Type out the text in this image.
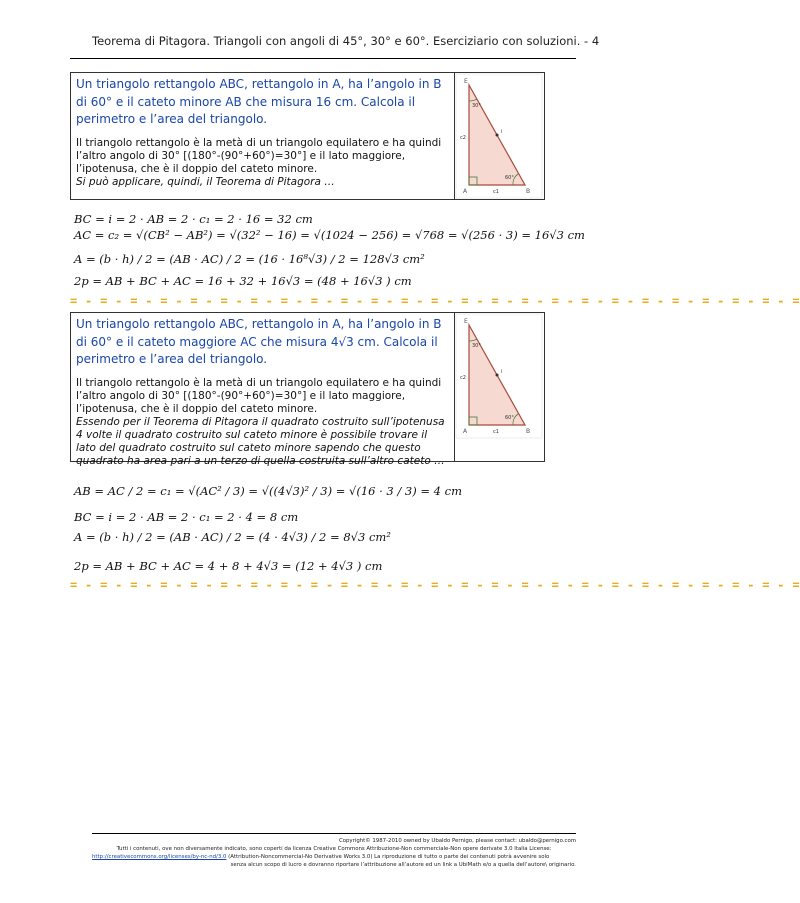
Teorema di Pitagora. Triangoli con angoli di 45°, 30° e 60°. Eserciziario con soluzioni. - 4
Un triangolo rettangolo ABC, rettangolo in A, ha l’angolo in B di 60° e il cateto minore AB che misura 16 cm. Calcola il perimetro e l’area del triangolo.
Il triangolo rettangolo è la metà di un triangolo equilatero e ha quindi l’altro angolo di 30° [(180°-(90°+60°)=30°] e il lato maggiore, l’ipotenusa, che è il doppio del cateto minore.
Si può applicare, quindi, il Teorema di Pitagora …
E
30°
c2
i
60°
A	c1	B
BC = i = 2 · AB = 2 · c₁ = 2 · 16 = 32 cm
AC = c₂ = √(CB² − AB²) = √(32² − 16) = √(1024 − 256) = √768 = √(256 · 3) = 16√3 cm
A = (b · h) / 2 = (AB · AC) / 2 = (16 · 16⁸√3) / 2 = 128√3 cm²
2p = AB + BC + AC = 16 + 32 + 16√3 = (48 + 16√3 ) cm
= - = - = - = - = - = - = - = - = - = - = - = - = - = - = - = - = - = - = - = - = - = - = - = - =
Un triangolo rettangolo ABC, rettangolo in A, ha l’angolo in B di 60° e il cateto maggiore AC che misura 4√3 cm. Calcola il perimetro e l’area del triangolo.
Il triangolo rettangolo è la metà di un triangolo equilatero e ha quindi l’altro angolo di 30° [(180°-(90°+60°)=30°] e il lato maggiore, l’ipotenusa, che è il doppio del cateto minore.
Essendo per il Teorema di Pitagora il quadrato costruito sull’ipotenusa 4 volte il quadrato costruito sul cateto minore è possibile trovare il lato del quadrato costruito sul cateto minore sapendo che questo quadrato ha area pari a un terzo di quella costruita sull’altro cateto …
E
30°
c2
i
60°
A	c1	B
AB = AC / 2 = c₁ = √(AC² / 3) = √((4√3)² / 3) = √(16 · 3 / 3) = 4 cm
BC = i = 2 · AB = 2 · c₁ = 2 · 4 = 8 cm
A = (b · h) / 2 = (AB · AC) / 2 = (4 · 4√3) / 2 = 8√3 cm²
2p = AB + BC + AC = 4 + 8 + 4√3 = (12 + 4√3 ) cm
= - = - = - = - = - = - = - = - = - = - = - = - = - = - = - = - = - = - = - = - = - = - = - = - =
Copyright© 1987-2010 owned by Ubaldo Pernigo, please contact: ubaldo@pernigo.com
Tutti i contenuti, ove non diversamente indicato, sono coperti da licenza Creative Commons Attribuzione-Non commerciale-Non opere derivate 3.0 Italia License:
http://creativecommons.org/licenses/by-nc-nd/3.0 (Attribution-Noncommercial-No Derivative Works 3.0) La riproduzione di tutto o parte dei contenuti potrà avvenire solo
senza alcun scopo di lucro e dovranno riportare l’attribuzione all’autore ed un link a UbiMath e/o a quella dell’autore\ originario.
